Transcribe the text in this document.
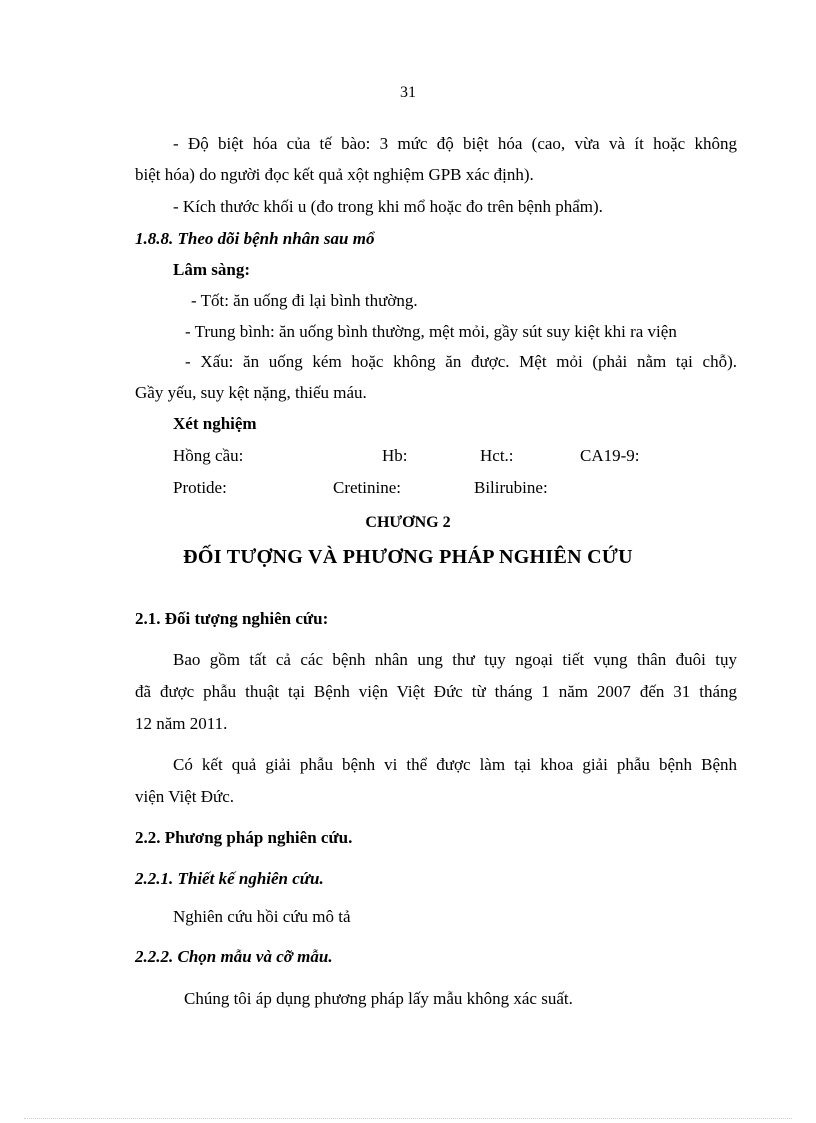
31
- Độ biệt hóa của tế bào: 3 mức độ biệt hóa (cao, vừa và ít hoặc không
biệt hóa) do người đọc kết quả xột nghiệm GPB xác định).
- Kích thước khối u (đo trong khi mổ hoặc đo trên bệnh phẩm).
1.8.8. Theo dõi bệnh nhân sau mổ
Lâm sàng:
- Tốt: ăn uống đi lại bình thường.
- Trung bình: ăn uống bình thường, mệt mỏi, gầy sút suy kiệt khi ra viện
- Xấu: ăn uống kém hoặc không ăn được. Mệt mỏi (phải nằm tại chỗ).
Gầy yếu, suy kệt nặng, thiếu máu.
Xét nghiệm
Hồng cầu:	Hb:	Hct.:	CA19-9:
Protide:	Cretinine:	Bilirubine:
CHƯƠNG 2
ĐỐI TƯỢNG VÀ PHƯƠNG PHÁP NGHIÊN CỨU
2.1. Đối tượng nghiên cứu:
Bao gồm tất cả các bệnh nhân ung thư tụy ngoại tiết vụng thân đuôi tụy
đã được phẫu thuật tại Bệnh viện Việt Đức từ tháng 1 năm 2007 đến 31 tháng
12 năm 2011.
Có kết quả giải phẫu bệnh vi thể được làm tại khoa giải phẫu bệnh Bệnh
viện Việt Đức.
2.2. Phương pháp nghiên cứu.
2.2.1. Thiết kế nghiên cứu.
Nghiên cứu hồi cứu mô tả
2.2.2. Chọn mẫu và cỡ mẫu.
Chúng tôi áp dụng phương pháp lấy mẫu không xác suất.
